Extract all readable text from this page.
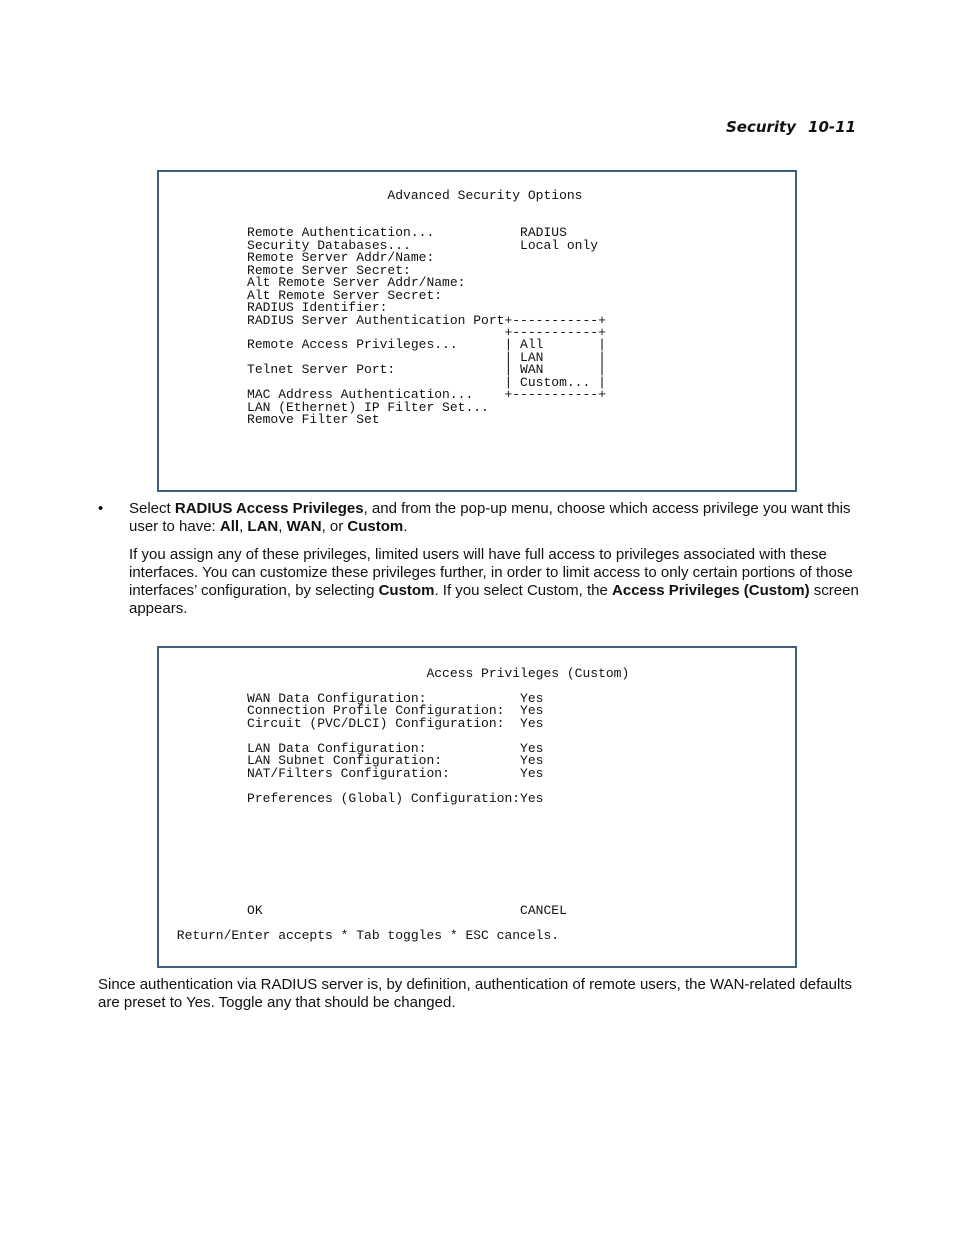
Security 10-11
Advanced Security Options

Remote Authentication...           RADIUS
Security Databases...              Local only
Remote Server Addr/Name:
Remote Server Secret:
Alt Remote Server Addr/Name:
Alt Remote Server Secret:
RADIUS Identifier:
RADIUS Server Authentication Port+-----------+
+-----------+
Remote Access Privileges...      | All       |
| LAN       |
Telnet Server Port:              | WAN       |
| Custom... |
MAC Address Authentication...    +-----------+
LAN (Ethernet) IP Filter Set...
Remove Filter Set
• Select RADIUS Access Privileges, and from the pop-up menu, choose which access privilege you want this user to have: All, LAN, WAN, or Custom.

If you assign any of these privileges, limited users will have full access to privileges associated with these interfaces. You can customize these privileges further, in order to limit access to only certain portions of those interfaces’ configuration, by selecting Custom. If you select Custom, the Access Privileges (Custom) screen appears.

Access Privileges (Custom)

WAN Data Configuration:            Yes
Connection Profile Configuration:  Yes
Circuit (PVC/DLCI) Configuration:  Yes

LAN Data Configuration:            Yes
LAN Subnet Configuration:          Yes
NAT/Filters Configuration:         Yes

Preferences (Global) Configuration:Yes

OK                                 CANCEL

Return/Enter accepts * Tab toggles * ESC cancels.

Since authentication via RADIUS server is, by definition, authentication of remote users, the WAN-related defaults are preset to Yes. Toggle any that should be changed.
